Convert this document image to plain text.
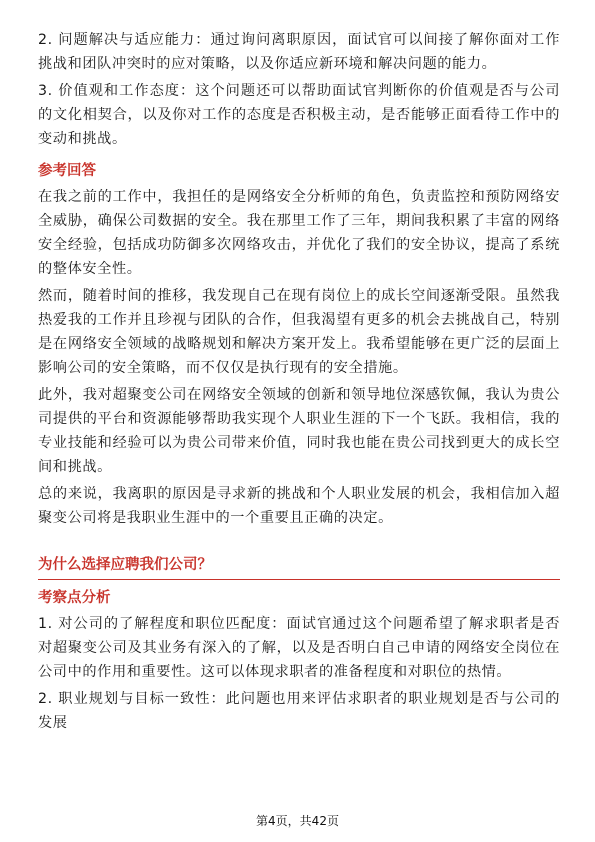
2. 问题解决与适应能力：通过询问离职原因，面试官可以间接了解你面对工作挑战和团队冲突时的应对策略，以及你适应新环境和解决问题的能力。

3. 价值观和工作态度：这个问题还可以帮助面试官判断你的价值观是否与公司的文化相契合，以及你对工作的态度是否积极主动，是否能够正面看待工作中的变动和挑战。

参考回答

在我之前的工作中，我担任的是网络安全分析师的角色，负责监控和预防网络安全威胁，确保公司数据的安全。我在那里工作了三年，期间我积累了丰富的网络安全经验，包括成功防御多次网络攻击，并优化了我们的安全协议，提高了系统的整体安全性。

然而，随着时间的推移，我发现自己在现有岗位上的成长空间逐渐受限。虽然我热爱我的工作并且珍视与团队的合作，但我渴望有更多的机会去挑战自己，特别是在网络安全领域的战略规划和解决方案开发上。我希望能够在更广泛的层面上影响公司的安全策略，而不仅仅是执行现有的安全措施。

此外，我对超聚变公司在网络安全领域的创新和领导地位深感钦佩，我认为贵公司提供的平台和资源能够帮助我实现个人职业生涯的下一个飞跃。我相信，我的专业技能和经验可以为贵公司带来价值，同时我也能在贵公司找到更大的成长空间和挑战。

总的来说，我离职的原因是寻求新的挑战和个人职业发展的机会，我相信加入超聚变公司将是我职业生涯中的一个重要且正确的决定。

为什么选择应聘我们公司？
考察点分析

1. 对公司的了解程度和职位匹配度：面试官通过这个问题希望了解求职者是否对超聚变公司及其业务有深入的了解，以及是否明白自己申请的网络安全岗位在公司中的作用和重要性。这可以体现求职者的准备程度和对职位的热情。

2. 职业规划与目标一致性：此问题也用来评估求职者的职业规划是否与公司的发展

第4页，共42页
